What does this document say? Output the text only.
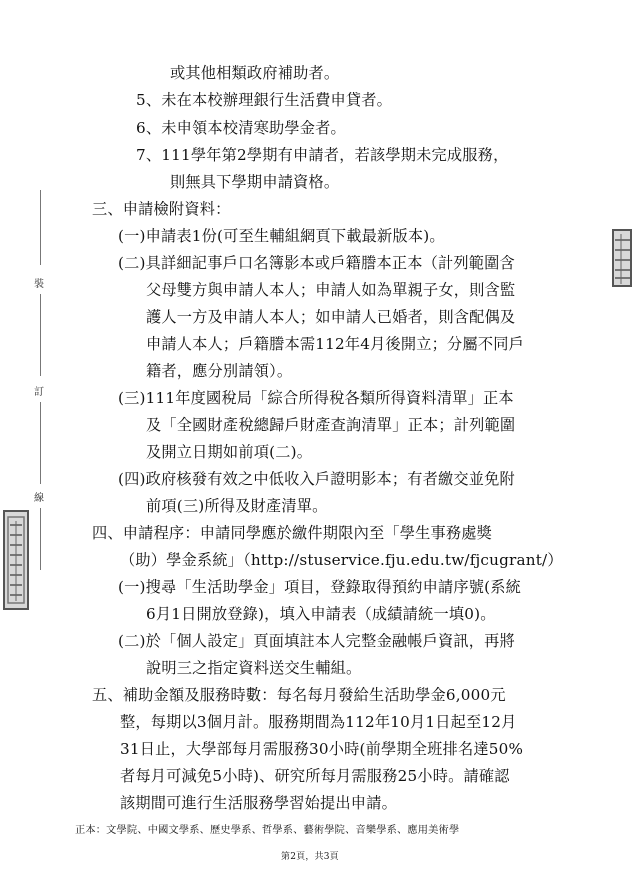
裝
訂
線
或其他相類政府補助者。
5、未在本校辦理銀行生活費申貸者。
6、未申領本校清寒助學金者。
7、111學年第2學期有申請者，若該學期未完成服務，
則無具下學期申請資格。
三、申請檢附資料：
(一)申請表1份(可至生輔組網頁下載最新版本)。
(二)具詳細記事戶口名簿影本或戶籍謄本正本（計列範圍含
父母雙方與申請人本人；申請人如為單親子女，則含監
護人一方及申請人本人；如申請人已婚者，則含配偶及
申請人本人；戶籍謄本需112年4月後開立；分屬不同戶
籍者，應分別請領）。
(三)111年度國稅局「綜合所得稅各類所得資料清單」正本
及「全國財產稅總歸戶財產查詢清單」正本；計列範圍
及開立日期如前項(二)。
(四)政府核發有效之中低收入戶證明影本；有者繳交並免附
前項(三)所得及財產清單。
四、申請程序：申請同學應於繳件期限內至「學生事務處獎
（助）學金系統」（http://stuservice.fju.edu.tw/fjcugrant/）
(一)搜尋「生活助學金」項目，登錄取得預約申請序號(系統
6月1日開放登錄)，填入申請表（成績請統一填0)。
(二)於「個人設定」頁面填註本人完整金融帳戶資訊，再將
說明三之指定資料送交生輔組。
五、補助金額及服務時數：每名每月發給生活助學金6,000元
整，每期以3個月計。服務期間為112年10月1日起至12月
31日止，大學部每月需服務30小時(前學期全班排名達50%
者每月可減免5小時)、研究所每月需服務25小時。請確認
該期間可進行生活服務學習始提出申請。
正本：文學院、中國文學系、歷史學系、哲學系、藝術學院、音樂學系、應用美術學
第2頁，共3頁
